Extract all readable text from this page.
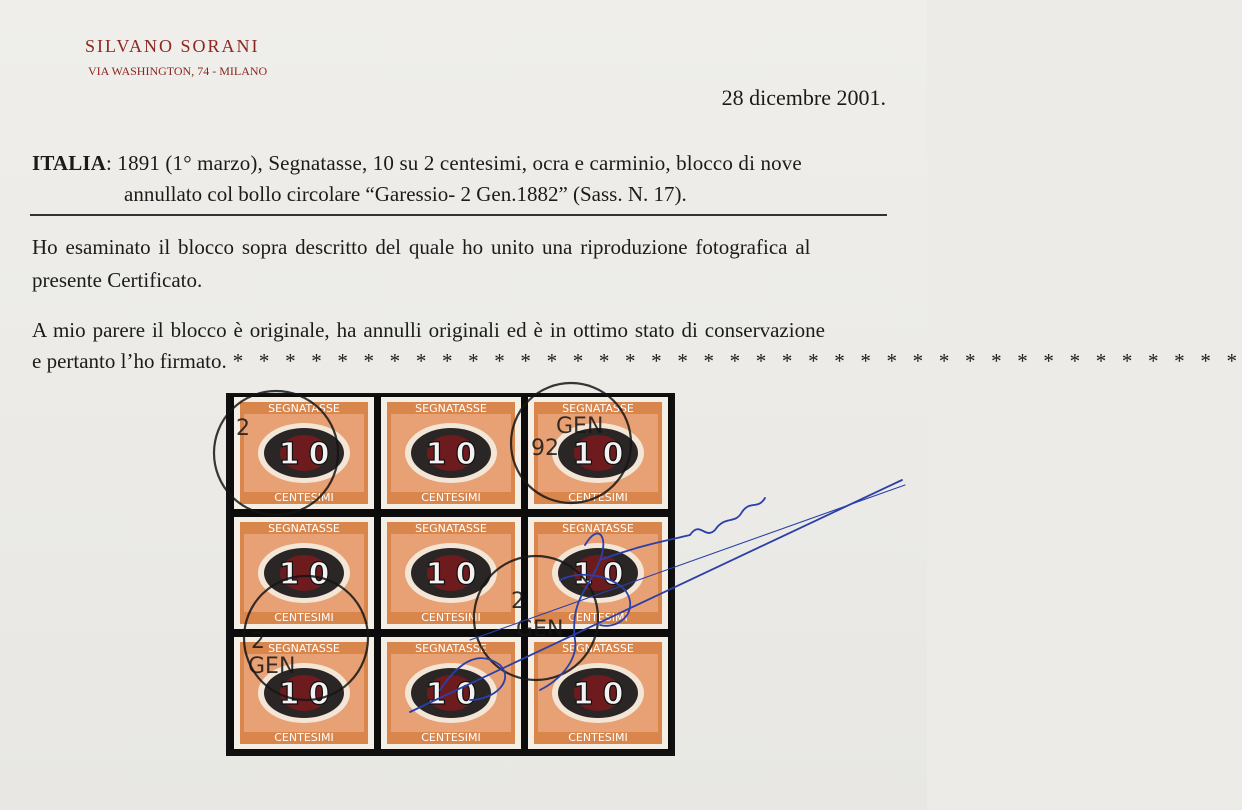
SILVANO SORANI
VIA WASHINGTON, 74 - MILANO
28 dicembre 2001.
ITALIA: 1891 (1° marzo), Segnatasse, 10 su 2 centesimi, ocra e carminio, blocco di nove
annullato col bollo circolare “Garessio- 2 Gen.1882” (Sass. N. 17).
Ho esaminato il blocco sopra descritto del quale ho unito una riproduzione fotografica al
presente Certificato.
A mio parere il blocco è originale, ha annulli originali ed è in ottimo stato di conservazione
e pertanto l’ho firmato. * * * * * * * * * * * * * * * * * * * * * * * * * * * * * * * * * * * * * * *
SEGNATASSE
CENTESIMI
1 0
SEGNATASSE
CENTESIMI
1 0
SEGNATASSE
CENTESIMI
1 0
SEGNATASSE
CENTESIMI
1 0
SEGNATASSE
CENTESIMI
1 0
SEGNATASSE
CENTESIMI
1 0
SEGNATASSE
CENTESIMI
1 0
SEGNATASSE
CENTESIMI
1 0
SEGNATASSE
CENTESIMI
1 0
GEN
92
2
GEN
2
GEN
2
